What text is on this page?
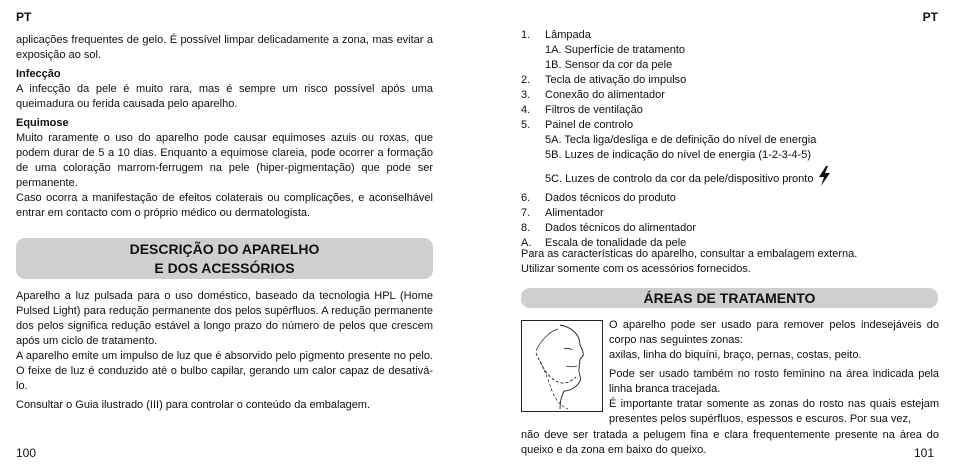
PT

aplicações frequentes de gelo. É possível limpar delicadamente a zona, mas evitar a exposição ao sol.

Infecção

A infecção da pele é muito rara, mas é sempre um risco possível após uma queimadura ou ferida causada pelo aparelho.

Equimose

Muito raramente o uso do aparelho pode causar equimoses azuis ou roxas, que podem durar de 5 a 10 dias. Enquanto a equimose clareia, pode ocorrer a formação de uma coloração marrom-ferrugem na pele (hiper-pigmentação) que pode ser permanente.

Caso ocorra a manifestação de efeitos colaterais ou complicações, e aconselhável entrar em contacto com o próprio médico ou dermatologista.

DESCRIÇÃO DO APARELHO
E DOS ACESSÓRIOS

Aparelho a luz pulsada para o uso doméstico, baseado da tecnologia HPL (Home Pulsed Light) para redução permanente dos pelos supérfluos. A redução permanente dos pelos significa redução estável a longo prazo do número de pelos que crescem após um ciclo de tratamento.

A aparelho emite um impulso de luz que é absorvido pelo pigmento presente no pelo. O feixe de luz é conduzido até o bulbo capilar, gerando um calor capaz de desativá-lo.

Consultar o Guia ilustrado (III) para controlar o conteúdo da embalagem.

100
PT
1. Lâmpada
1A. Superfície de tratamento
1B. Sensor da cor da pele
2. Tecla de ativação do impulso
3. Conexão do alimentador
4. Filtros de ventilação
5. Painel de controlo
5A. Tecla liga/desliga e de definição do nível de energia
5B. Luzes de indicação do nível de energia (1-2-3-4-5)
5C. Luzes de controlo da cor da pele/dispositivo pronto
6. Dados técnicos do produto
7. Alimentador
8. Dados técnicos do alimentador
A. Escala de tonalidade da pele

Para as características do aparelho, consultar a embalagem externa.

Utilizar somente com os acessórios fornecidos.

ÁREAS DE TRATAMENTO

O aparelho pode ser usado para remover pelos indesejáveis do corpo nas seguintes zonas:

axilas, linha do biquíni, braço, pernas, costas, peito.

Pode ser usado também no rosto feminino na área indicada pela linha branca tracejada.

É importante tratar somente as zonas do rosto nas quais estejam presentes pelos supérfluos, espessos e escuros. Por sua vez,

não deve ser tratada a pelugem fina e clara frequentemente presente na área do queixo e da zona em baixo do queixo.	101
